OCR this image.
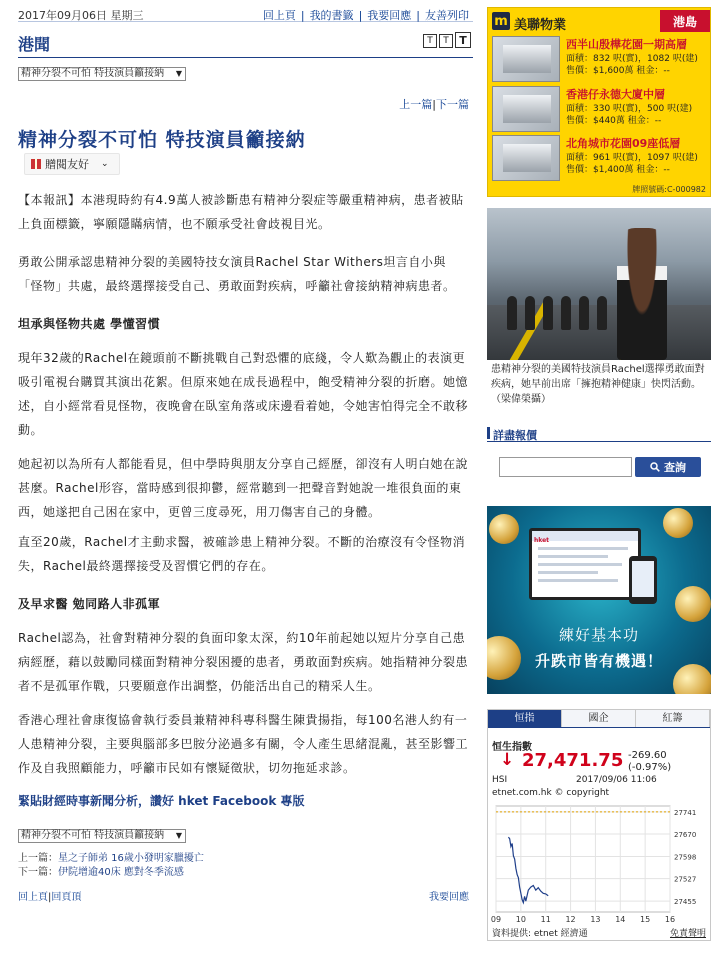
2017年09月06日 星期三	回上頁 | 我的書籤 | 我要回應 | 友善列印
港聞	T	T T
精神分裂不可怕 特技演員籲接納 ▼
上一篇|下一篇
精神分裂不可怕 特技演員籲接納
贈閱友好 ⌄

【本報訊】本港現時約有4.9萬人被診斷患有精神分裂症等嚴重精神病，患者被貼上負面標籤，寧願隱瞞病情，也不願承受社會歧視目光。

勇敢公開承認患精神分裂的美國特技女演員Rachel Star Withers坦言自小與「怪物」共處，最終選擇接受自己、勇敢面對疾病，呼籲社會接納精神病患者。

坦承與怪物共處 學懂習慣

現年32歲的Rachel在鏡頭前不斷挑戰自己對恐懼的底綫，令人歎為觀止的表演更吸引電視台購買其演出花絮。但原來她在成長過程中，飽受精神分裂的折磨。她憶述，自小經常看見怪物，夜晚會在臥室角落或床邊看着她，令她害怕得完全不敢移動。

她起初以為所有人都能看見，但中學時與朋友分享自己經歷，卻沒有人明白她在說甚麼。Rachel形容，當時感到很抑鬱，經常聽到一把聲音對她說一堆很負面的東西，她遂把自己困在家中，更曾三度尋死，用刀傷害自己的身體。

直至20歲，Rachel才主動求醫，被確診患上精神分裂。不斷的治療沒有令怪物消失，Rachel最終選擇接受及習慣它們的存在。

及早求醫 勉同路人非孤軍

Rachel認為，社會對精神分裂的負面印象太深，約10年前起她以短片分享自己患病經歷，藉以鼓勵同樣面對精神分裂困擾的患者，勇敢面對疾病。她指精神分裂患者不是孤軍作戰，只要願意作出調整，仍能活出自己的精采人生。

香港心理社會康復協會執行委員兼精神科專科醫生陳貴揚指，每100名港人約有一人患精神分裂，主要與腦部多巴胺分泌過多有關，令人產生思緒混亂，甚至影響工作及自我照顧能力，呼籲市民如有懷疑徵狀，切勿拖延求診。

緊貼財經時事新聞分析，讚好 hket Facebook 專版
精神分裂不可怕 特技演員籲接納 ▼
上一篇：星之子師弟 16歲小發明家臘擾亡
下一篇：伊院增逾40床 應對冬季流感
回上頁|回頁頂	我要回應
m 美聯物業	港島
西半山殷樺花園一期高層
面積：832 呎(實)，1082 呎(建)
售價：$1,600萬 租金：--
香港仔永德大廈中層
面積：330 呎(實)，500 呎(建)
售價：$440萬 租金：--
北角城市花園09座低層
面積：961 呎(實)，1097 呎(建)
售價：$1,400萬 租金：--
牌照號碼:C-000982
患精神分裂的美國特技演員Rachel選擇勇敢面對疾病，她早前出席「擁抱精神健康」快閃活動。（梁偉榮攝）
詳盡報價
查詢
hket
練好基本功
升跌市皆有機遇！
恒指	國企	紅籌
恒生指數
↓ 27,471.75 -269.60
(-0.97%)
HSI	2017/09/06 11:06
etnet.com.hk © copyright
09 10 11 12 13 14 15 16
27741
27670
27598
27527
27455
資料提供: etnet 經濟通	免責聲明
